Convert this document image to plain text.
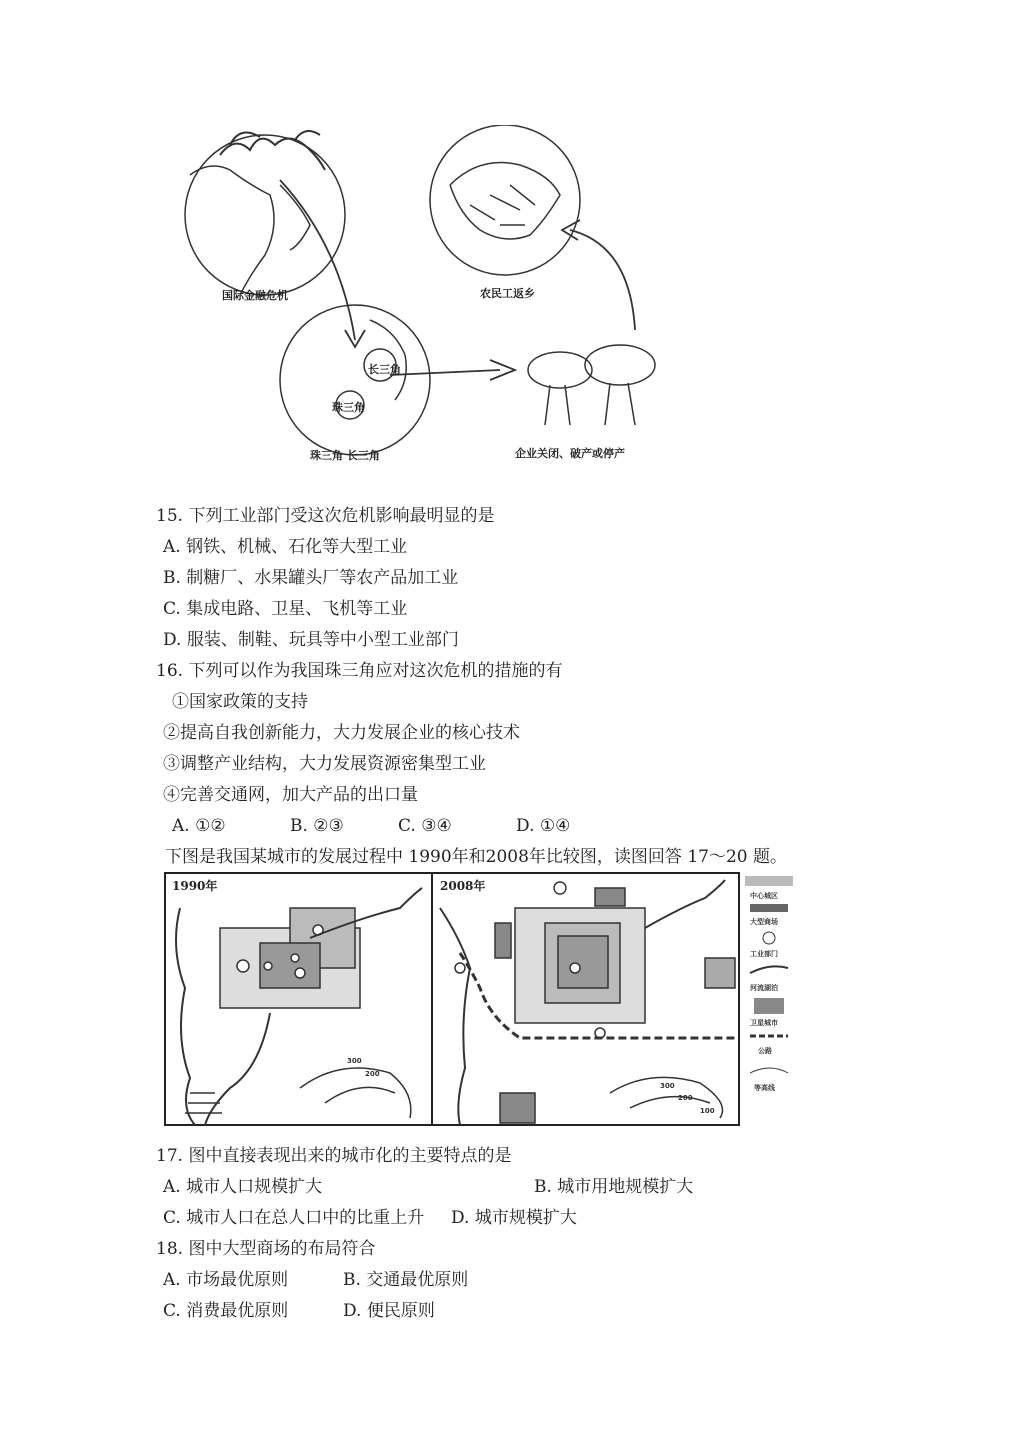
国际金融危机	农民工返乡
长三角
珠三角
珠三角 长三角	企业关闭、破产或停产
15. 下列工业部门受这次危机影响最明显的是
A. 钢铁、机械、石化等大型工业
B. 制糖厂、水果罐头厂等农产品加工业
C. 集成电路、卫星、飞机等工业
D. 服装、制鞋、玩具等中小型工业部门
16. 下列可以作为我国珠三角应对这次危机的措施的有
①国家政策的支持
②提高自我创新能力，大力发展企业的核心技术
③调整产业结构，大力发展资源密集型工业
④完善交通网，加大产品的出口量
A. ①②	B. ②③	C. ③④	D. ①④
下图是我国某城市的发展过程中 1990年和2008年比较图，读图回答 17～20 题。
1990年
300
200
2008年
300
200
100
中心城区
大型商场
工业部门
河流湖泊
卫星城市
公路
等高线
17. 图中直接表现出来的城市化的主要特点的是
A. 城市人口规模扩大	B. 城市用地规模扩大
C. 城市人口在总人口中的比重上升 D. 城市规模扩大
18. 图中大型商场的布局符合
A. 市场最优原则	B. 交通最优原则
C. 消费最优原则	D. 便民原则
